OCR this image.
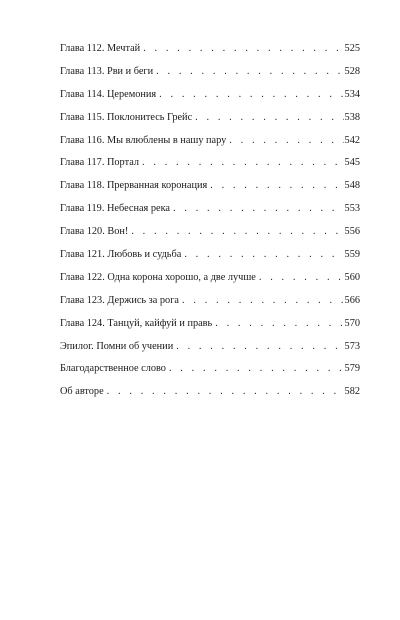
Глава 112. Мечтай . . .	525
Глава 113. Рви и беги . . .	528
Глава 114. Церемония . . .	534
Глава 115. Поклонитесь Грейс . . .	538
Глава 116. Мы влюблены в нашу пару . . .	542
Глава 117. Портал . . .	545
Глава 118. Прерванная коронация . . .	548
Глава 119. Небесная река . . .	553
Глава 120. Вон! . . .	556
Глава 121. Любовь и судьба . . .	559
Глава 122. Одна корона хорошо, а две лучше . . .	560
Глава 123. Держись за рога . . .	566
Глава 124. Танцуй, кайфуй и правь . . .	570
Эпилог. Помни об учении . . .	573
Благодарственное слово . . .	579
Об авторе . . .	582
